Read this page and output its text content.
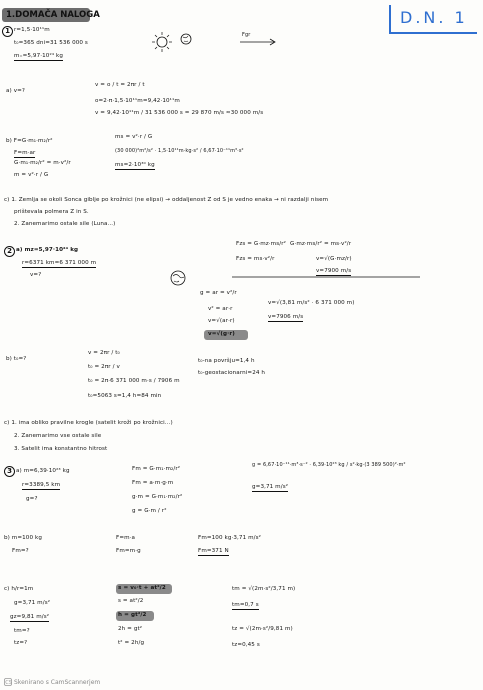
1.DOMAČA NALOGA	D.N. 1
1 r=1,5·10¹¹m
t₀=365 dni=31 536 000 s
m₌=5,97·10²⁴ kg
Fgr
a) v=?
v = o / t = 2πr / t
o=2·π·1,5·10¹¹m=9,42·10¹¹m
v = 9,42·10¹¹m / 31 536 000 s = 29 870 m/s ≈30 000 m/s
b) F=G·m₁·m₂/r²
F=m·ar
G·m₁·m₂/r² = m·v²/r
m = v²·r / G
ms = v²·r / G
(30 000)²m²/s² · 1,5·10¹¹m·kg·s² / 6,67·10⁻¹¹m³·s²
ms=2·10³⁰ kg
c) 1. Zemlja se okoli Sonca giblje po krožnici (ne elipsi) → oddaljenost Z od S je vedno enaka → ni razdalji nisem
prištevala polmera Z in S.
2. Zanemarimo ostale sile (Luna...)
2 a) mz=5,97·10²⁴ kg
r=6371 km=6 371 000 m
v=?
Fzs = G·mz·ms/r²
Fzs = ms·v²/r
G·mz·ms/r² = ms·v²/r
v=√(G·mz/r)
v=7900 m/s
g = ar = v²/r
v² = ar·r
v=√(ar·r)
v=√(g·r)
v=√(3,81 m/s² · 6 371 000 m)
v=7906 m/s
b) t₀=?
v = 2πr / t₀
t₀ = 2πr / v
t₀ = 2π·6 371 000 m·s / 7906 m
t₀=5063 s=1,4 h=84 min
t₀-na površju=1,4 h
t₀-geostacionarni=24 h
c) 1. ima obliko pravilne krogle (satelit kroži po krožnici...)
2. Zanemarimo vse ostale sile
3. Satelit ima konstantno hitrost
3 a) m=6,39·10²³ kg
r=3389,5 km
g=?
Fm = G·m₁·m₂/r²
Fm = a·m·g·m
g·m = G·m₁·m₂/r²
g = G·m / r²
g = 6,67·10⁻¹¹·m³·s⁻² · 6,39·10²³ kg / s²·kg·(3 389 500)²·m²
g=3,71 m/s²
b) m=100 kg
Fm=?
F=m·a
Fm=m·g
Fm=100 kg·3,71 m/s²
Fm=371 N
c) h/r=1m
g=3,71 m/s²
gz=9,81 m/s²
tm=?
tz=?
s = v₀·t + at²/2
s = at²/2
h = gt²/2
2h = gt²
t² = 2h/g
tm = √(2m·s²/3,71 m)
tm=0,7 s
tz = √(2m·s²/9,81 m)
tz=0,45 s
CS Skenirano s CamScannerjem
